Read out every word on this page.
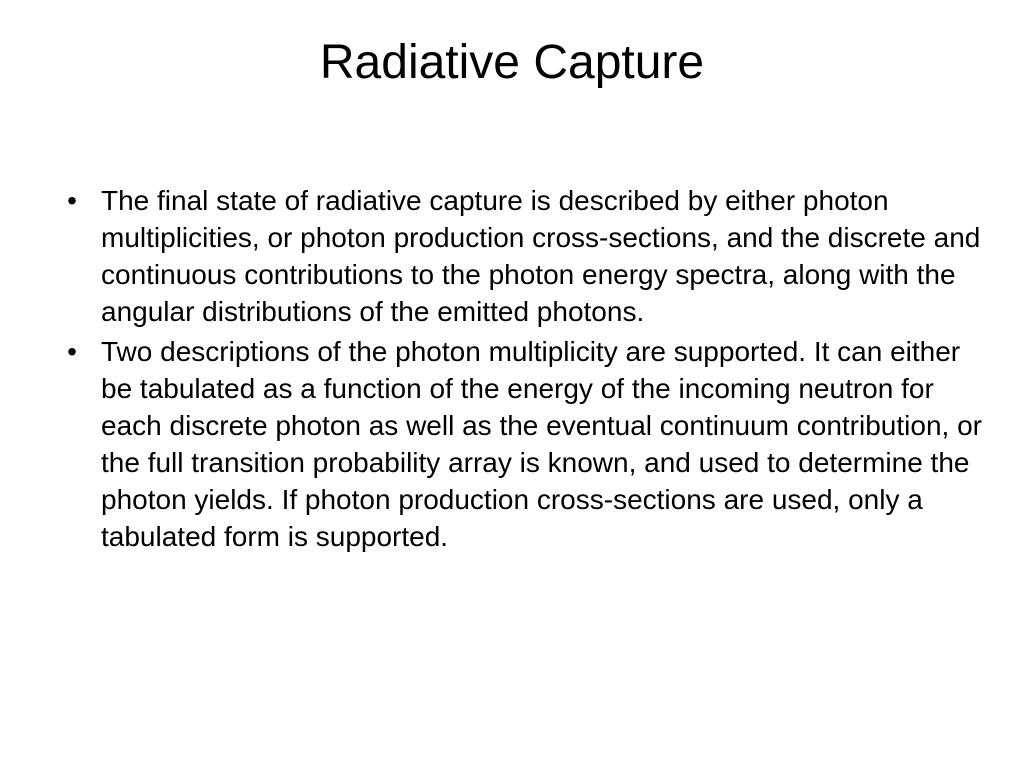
Radiative Capture
• The final state of radiative capture is described by either photon multiplicities, or photon production cross-sections, and the discrete and continuous contributions to the photon energy spectra, along with the angular distributions of the emitted photons.
• Two descriptions of the photon multiplicity are supported. It can either be tabulated as a function of the energy of the incoming neutron for each discrete photon as well as the eventual continuum contribution, or the full transition probability array is known, and used to determine the photon yields. If photon production cross-sections are used, only a tabulated form is supported.
